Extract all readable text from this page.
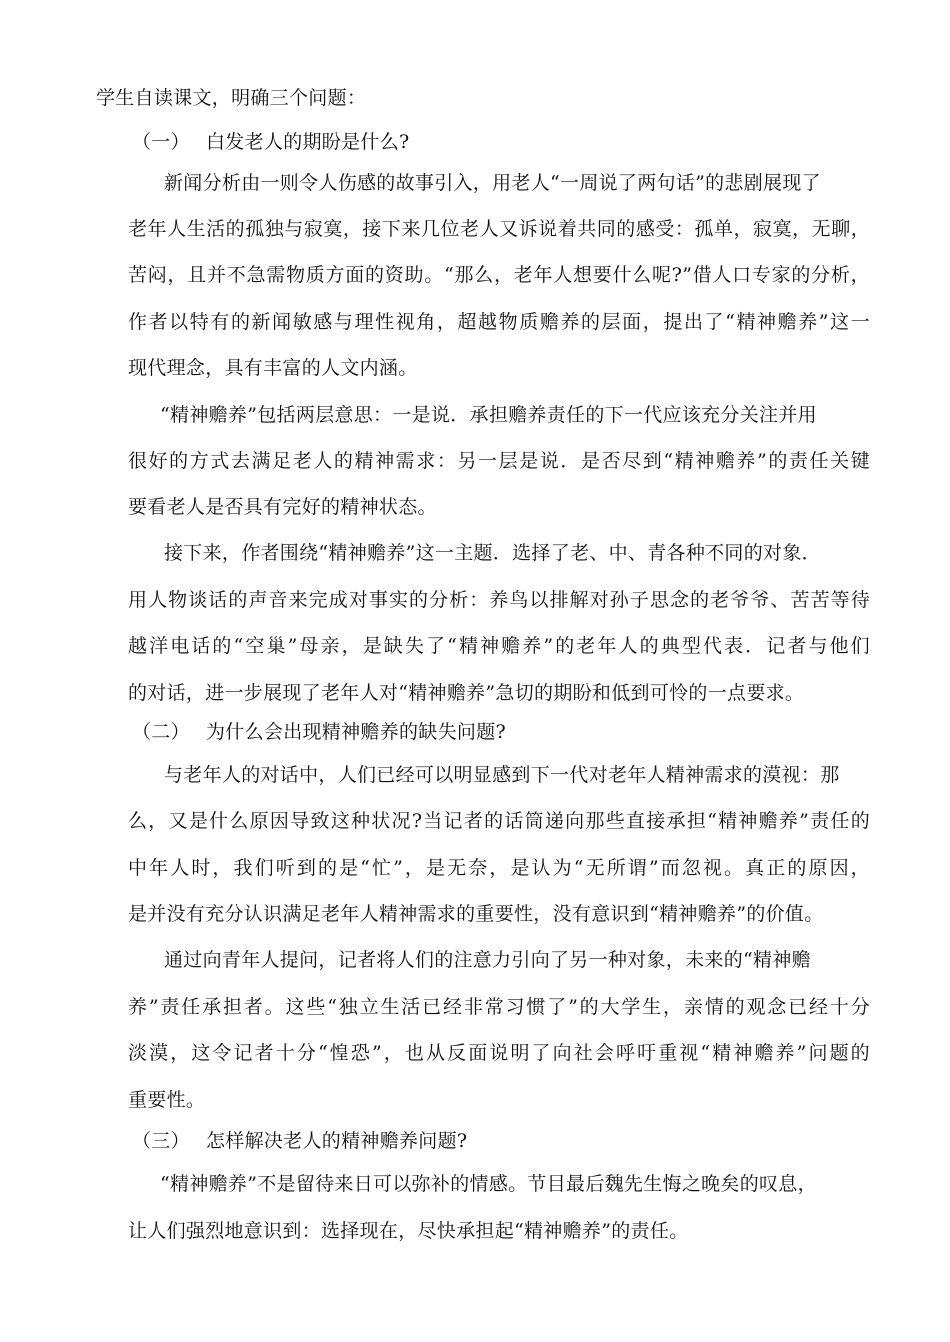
学生自读课文，明确三个问题：
（一） 白发老人的期盼是什么?
新闻分析由一则令人伤感的故事引入，用老人“一周说了两句话”的悲剧展现了
老年人生活的孤独与寂寞，接下来几位老人又诉说着共同的感受：孤单，寂寞，无聊，
苦闷，且并不急需物质方面的资助。“那么，老年人想要什么呢?”借人口专家的分析，
作者以特有的新闻敏感与理性视角，超越物质赡养的层面，提出了“精神赡养”这一
现代理念，具有丰富的人文内涵。
“精神赡养”包括两层意思：一是说．承担赡养责任的下一代应该充分关注并用
很好的方式去满足老人的精神需求：另一层是说．是否尽到“精神赡养”的责任关键
要看老人是否具有完好的精神状态。
接下来，作者围绕“精神赡养”这一主题．选择了老、中、青各种不同的对象．
用人物谈话的声音来完成对事实的分析：养鸟以排解对孙子思念的老爷爷、苦苦等待
越洋电话的“空巢”母亲，是缺失了“精神赡养”的老年人的典型代表．记者与他们
的对话，进一步展现了老年人对“精神赡养”急切的期盼和低到可怜的一点要求。
（二） 为什么会出现精神赡养的缺失问题?
与老年人的对话中，人们已经可以明显感到下一代对老年人精神需求的漠视：那
么，又是什么原因导致这种状况?当记者的话筒递向那些直接承担“精神赡养”责任的
中年人时，我们听到的是“忙”，是无奈，是认为“无所谓”而忽视。真正的原因，
是并没有充分认识满足老年人精神需求的重要性，没有意识到“精神赡养”的价值。
通过向青年人提问，记者将人们的注意力引向了另一种对象，未来的“精神赡
养”责任承担者。这些“独立生活已经非常习惯了”的大学生，亲情的观念已经十分
淡漠，这令记者十分“惶恐”，也从反面说明了向社会呼吁重视“精神赡养”问题的
重要性。
（三） 怎样解决老人的精神赡养问题?
“精神赡养”不是留待来日可以弥补的情感。节目最后魏先生悔之晚矣的叹息，
让人们强烈地意识到：选择现在，尽快承担起“精神赡养”的责任。
